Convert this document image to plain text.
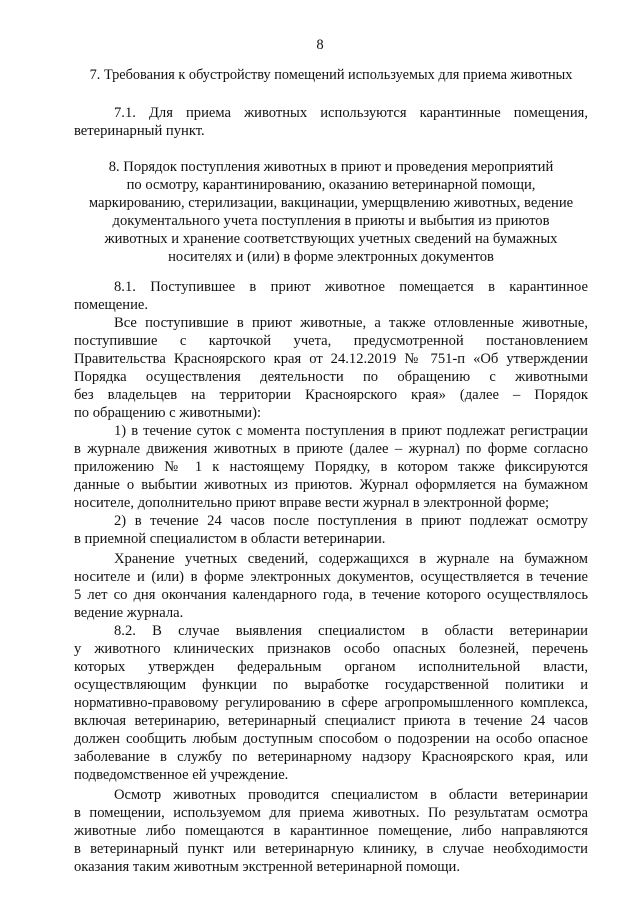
8

7. Требования к обустройству помещений используемых для приема животных

7.1. Для приема животных используются карантинные помещения,

ветеринарный пункт.

8. Порядок поступления животных в приют и проведения мероприятий

по осмотру, карантинированию, оказанию ветеринарной помощи,

маркированию, стерилизации, вакцинации, умерщвлению животных, ведение

документального учета поступления в приюты и выбытия из приютов

животных и хранение соответствующих учетных сведений на бумажных

носителях и (или) в форме электронных документов

8.1. Поступившее в приют животное помещается в карантинное

помещение.

Все поступившие в приют животные, а также отловленные животные,

поступившие с карточкой учета, предусмотренной постановлением

Правительства Красноярского края от 24.12.2019 № 751-п «Об утверждении

Порядка осуществления деятельности по обращению с животными

без владельцев на территории Красноярского края» (далее – Порядок

по обращению с животными):

1) в течение суток с момента поступления в приют подлежат регистрации

в журнале движения животных в приюте (далее – журнал) по форме согласно

приложению № 1 к настоящему Порядку, в котором также фиксируются

данные о выбытии животных из приютов. Журнал оформляется на бумажном

носителе, дополнительно приют вправе вести журнал в электронной форме;

2) в течение 24 часов после поступления в приют подлежат осмотру

в приемной специалистом в области ветеринарии.

Хранение учетных сведений, содержащихся в журнале на бумажном

носителе и (или) в форме электронных документов, осуществляется в течение

5 лет со дня окончания календарного года, в течение которого осуществлялось

ведение журнала.

8.2. В случае выявления специалистом в области ветеринарии

у животного клинических признаков особо опасных болезней, перечень

которых утвержден федеральным органом исполнительной власти,

осуществляющим функции по выработке государственной политики и

нормативно-правовому регулированию в сфере агропромышленного комплекса,

включая ветеринарию, ветеринарный специалист приюта в течение 24 часов

должен сообщить любым доступным способом о подозрении на особо опасное

заболевание в службу по ветеринарному надзору Красноярского края, или

подведомственное ей учреждение.

Осмотр животных проводится специалистом в области ветеринарии

в помещении, используемом для приема животных. По результатам осмотра

животные либо помещаются в карантинное помещение, либо направляются

в ветеринарный пункт или ветеринарную клинику, в случае необходимости

оказания таким животным экстренной ветеринарной помощи.
